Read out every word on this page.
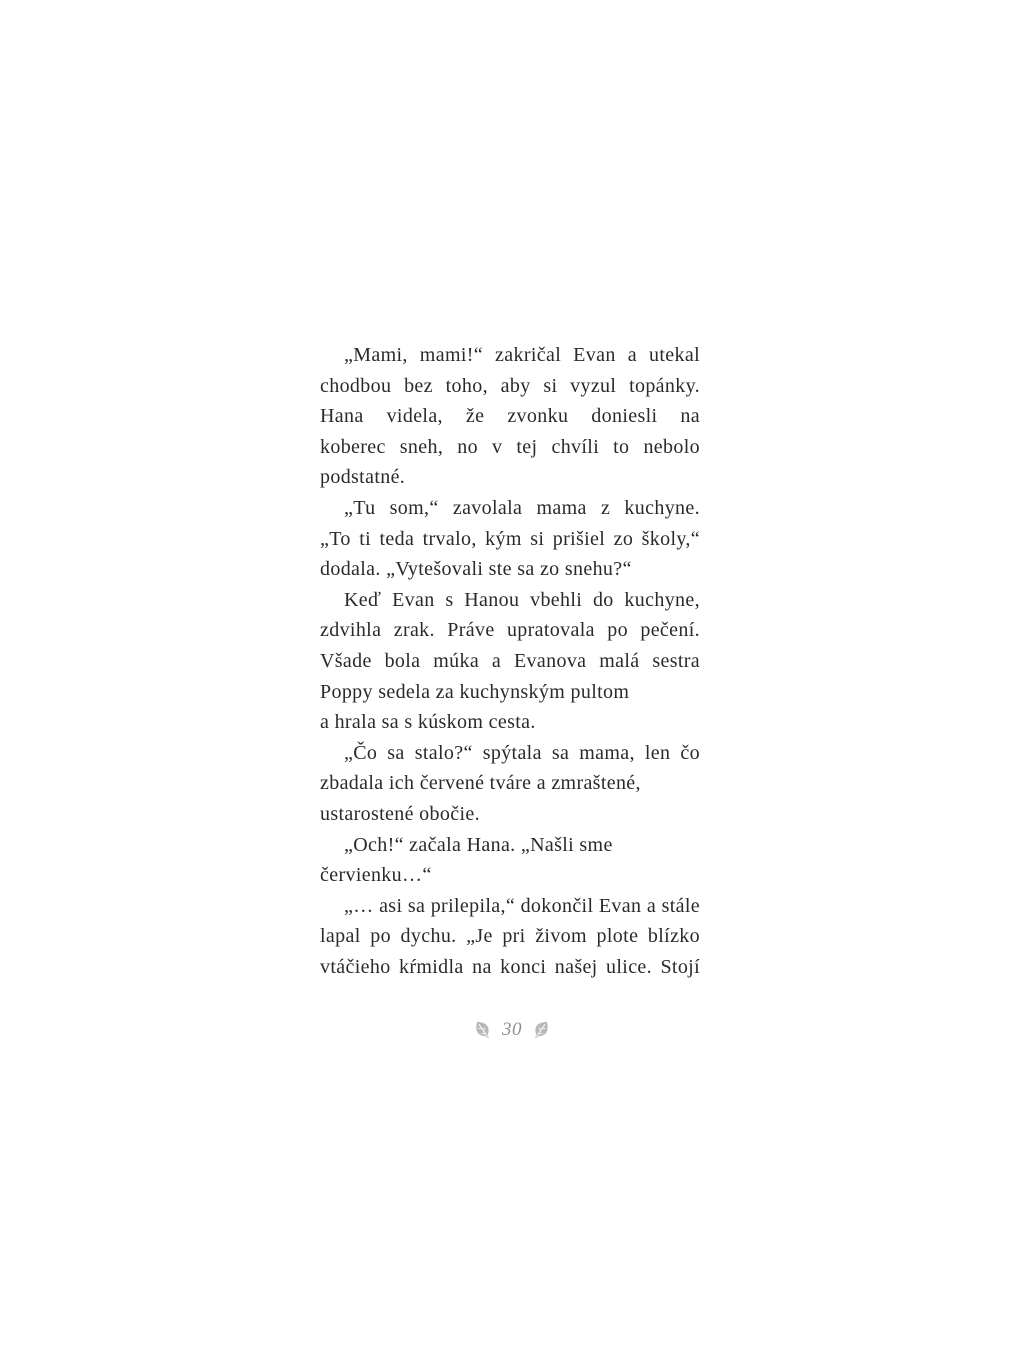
„Mami, mami!“ zakričal Evan a utekal
chodbou bez toho, aby si vyzul topánky.
Hana videla, že zvonku doniesli na
koberec sneh, no v tej chvíli to nebolo
podstatné.
„Tu som,“ zavolala mama z kuchyne.
„To ti teda trvalo, kým si prišiel zo školy,“
dodala. „Vytešovali ste sa zo snehu?“
Keď Evan s Hanou vbehli do kuchyne,
zdvihla zrak. Práve upratovala po pečení.
Všade bola múka a Evanova malá sestra
Poppy sedela za kuchynským pultom
a hrala sa s kúskom cesta.
„Čo sa stalo?“ spýtala sa mama, len čo
zbadala ich červené tváre a zmraštené,
ustarostené obočie.
„Och!“ začala Hana. „Našli sme
červienku…“
„… asi sa prilepila,“ dokončil Evan a stále
lapal po dychu. „Je pri živom plote blízko
vtáčieho kŕmidla na konci našej ulice. Stojí
30
